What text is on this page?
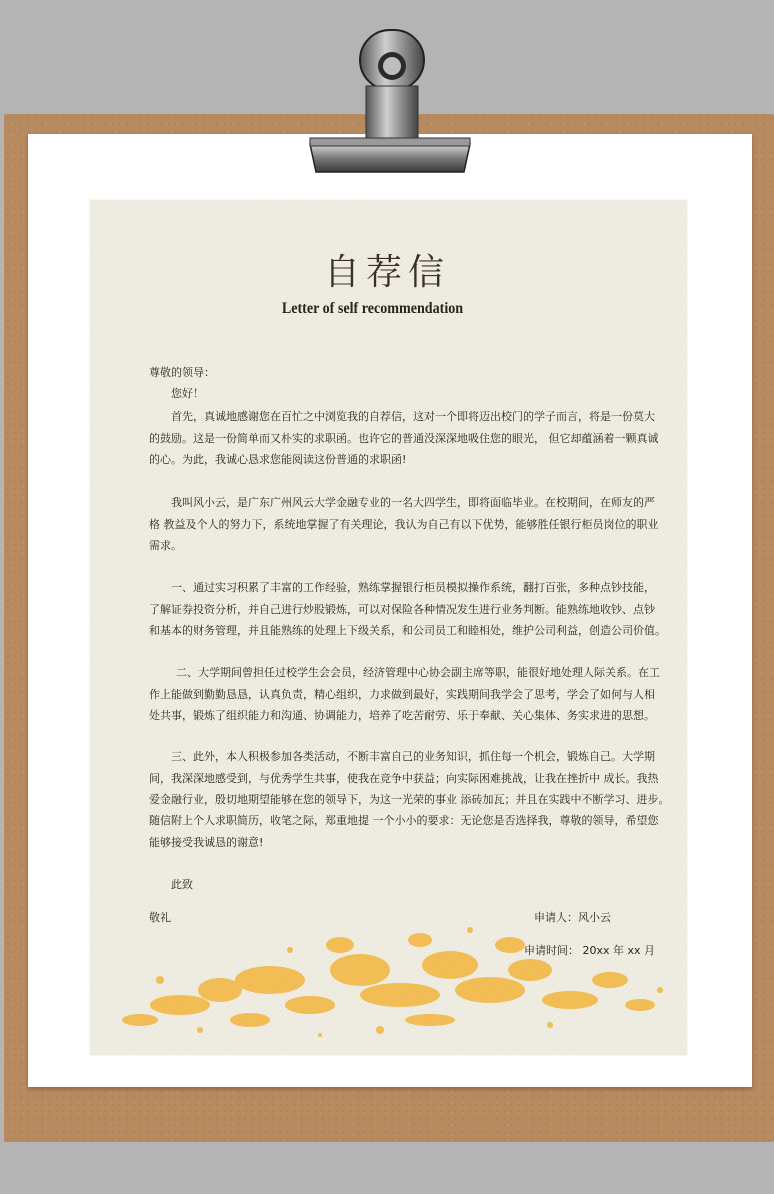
自荐信
Letter of self recommendation
尊敬的领导：
您好！
首先，真诚地感谢您在百忙之中浏览我的自荐信，这对一个即将迈出校门的学子而言，将是一份莫大
的鼓励。这是一份简单而又朴实的求职函。也许它的普通没深深地吸住您的眼光， 但它却蕴涵着一颗真诚
的心。为此，我诚心恳求您能阅读这份普通的求职函!
我叫风小云，是广东广州风云大学金融专业的一名大四学生，即将面临毕业。在校期间，在师友的严
格 教益及个人的努力下，系统地掌握了有关理论，我认为自己有以下优势，能够胜任银行柜员岗位的职业
需求。
一、通过实习积累了丰富的工作经验，熟练掌握银行柜员模拟操作系统，翻打百张，多种点钞技能，
了解证券投资分析，并自己进行炒股锻炼，可以对保险各种情况发生进行业务判断。能熟练地收钞、点钞
和基本的财务管理，并且能熟练的处理上下级关系，和公司员工和睦相处，维护公司利益，创造公司价值。
二、大学期间曾担任过校学生会会员，经济管理中心协会副主席等职，能很好地处理人际关系。在工
作上能做到勤勤恳恳，认真负责，精心组织，力求做到最好，实践期间我学会了思考，学会了如何与人相
处共事，锻炼了组织能力和沟通、协调能力，培养了吃苦耐劳、乐于奉献、关心集体、务实求进的思想。
三、此外，本人积极参加各类活动，不断丰富自己的业务知识，抓住每一个机会，锻炼自己。大学期
间，我深深地感受到，与优秀学生共事，使我在竞争中获益；向实际困难挑战，让我在挫折中 成长。我热
爱金融行业，殷切地期望能够在您的领导下，为这一光荣的事业 添砖加瓦；并且在实践中不断学习、进步。
随信附上个人求职简历，收笔之际，郑重地提 一个小小的要求：无论您是否选择我，尊敬的领导，希望您
能够接受我诚恳的谢意!
此致
敬礼	申请人：风小云
申请时间： 20xx 年 xx 月
